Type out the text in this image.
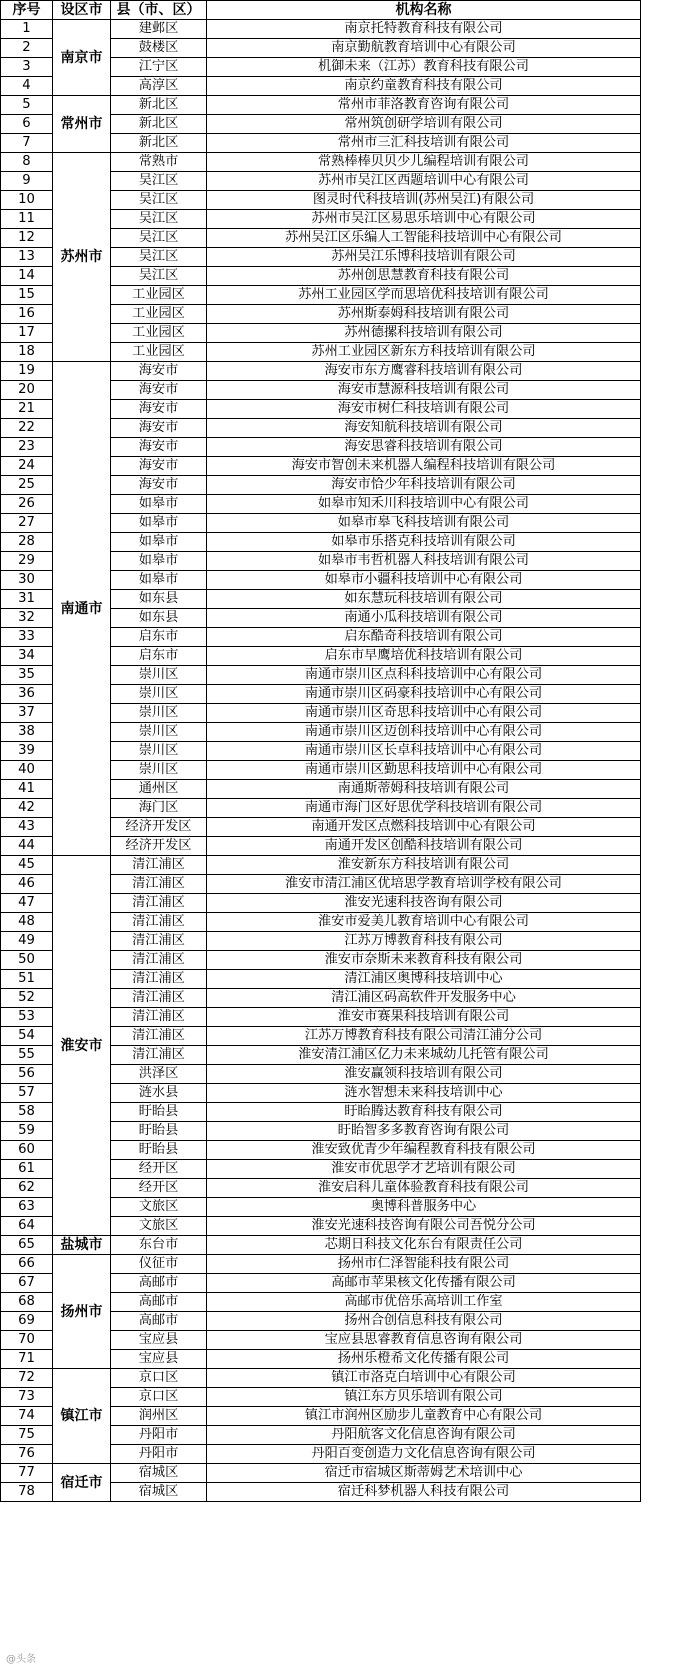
序号	设区市	县（市、区）	机构名称
1	南京市	建邺区	南京托特教育科技有限公司
2		鼓楼区	南京勤航教育培训中心有限公司
3		江宁区	机御未来（江苏）教育科技有限公司
4		高淳区	南京约童教育科技有限公司
5	常州市	新北区	常州市菲洛教育咨询有限公司
6		新北区	常州筑创研学培训有限公司
7		新北区	常州市三汇科技培训有限公司
8	苏州市	常熟市	常熟棒棒贝贝少儿编程培训有限公司
9		吴江区	苏州市吴江区西题培训中心有限公司
10		吴江区	图灵时代科技培训(苏州吴江)有限公司
11		吴江区	苏州市吴江区易思乐培训中心有限公司
12		吴江区	苏州吴江区乐编人工智能科技培训中心有限公司
13		吴江区	苏州吴江乐博科技培训有限公司
14		吴江区	苏州创思慧教育科技有限公司
15		工业园区	苏州工业园区学而思培优科技培训有限公司
16		工业园区	苏州斯泰姆科技培训有限公司
17		工业园区	苏州德摞科技培训有限公司
18		工业园区	苏州工业园区新东方科技培训有限公司
19	南通市	海安市	海安市东方鹰睿科技培训有限公司
20		海安市	海安市慧源科技培训有限公司
21		海安市	海安市树仁科技培训有限公司
22		海安市	海安知航科技培训有限公司
23		海安市	海安思睿科技培训有限公司
24		海安市	海安市智创未来机器人编程科技培训有限公司
25		海安市	海安市恰少年科技培训有限公司
26		如皋市	如皋市知禾川科技培训中心有限公司
27		如皋市	如皋市皋飞科技培训有限公司
28		如皋市	如皋市乐搭克科技培训有限公司
29		如皋市	如皋市韦哲机器人科技培训有限公司
30		如皋市	如皋市小疆科技培训中心有限公司
31		如东县	如东慧玩科技培训有限公司
32		如东县	南通小瓜科技培训有限公司
33		启东市	启东酷奇科技培训有限公司
34		启东市	启东市早鹰培优科技培训有限公司
35		崇川区	南通市崇川区点科科技培训中心有限公司
36		崇川区	南通市崇川区码豪科技培训中心有限公司
37		崇川区	南通市崇川区奇思科技培训中心有限公司
38		崇川区	南通市崇川区迈创科技培训中心有限公司
39		崇川区	南通市崇川区长卓科技培训中心有限公司
40		崇川区	南通市崇川区勤思科技培训中心有限公司
41		通州区	南通斯蒂姆科技培训有限公司
42		海门区	南通市海门区好思优学科技培训有限公司
43		经济开发区	南通开发区点燃科技培训中心有限公司
44		经济开发区	南通开发区创酷科技培训有限公司
45	淮安市	清江浦区	淮安新东方科技培训有限公司
46		清江浦区	淮安市清江浦区优培思学教育培训学校有限公司
47		清江浦区	淮安光速科技咨询有限公司
48		清江浦区	淮安市爱美儿教育培训中心有限公司
49		清江浦区	江苏万博教育科技有限公司
50		清江浦区	淮安市奈斯未来教育科技有限公司
51		清江浦区	清江浦区奥博科技培训中心
52		清江浦区	清江浦区码高软件开发服务中心
53		清江浦区	淮安市赛果科技培训有限公司
54		清江浦区	江苏万博教育科技有限公司清江浦分公司
55		清江浦区	淮安清江浦区亿力未来城幼儿托管有限公司
56		洪泽区	淮安赢领科技培训有限公司
57		涟水县	涟水智想未来科技培训中心
58		盱眙县	盱眙腾达教育科技有限公司
59		盱眙县	盱眙智多多教育咨询有限公司
60		盱眙县	淮安致优青少年编程教育科技有限公司
61		经开区	淮安市优思学才艺培训有限公司
62		经开区	淮安启科儿童体验教育科技有限公司
63		文旅区	奥博科普服务中心
64		文旅区	淮安光速科技咨询有限公司吾悦分公司
65	盐城市	东台市	芯期日科技文化东台有限责任公司
66	扬州市	仪征市	扬州市仁泽智能科技有限公司
67		高邮市	高邮市苹果核文化传播有限公司
68		高邮市	高邮市优倍乐高培训工作室
69		高邮市	扬州合创信息科技有限公司
70		宝应县	宝应县思睿教育信息咨询有限公司
71		宝应县	扬州乐橙希文化传播有限公司
72	镇江市	京口区	镇江市洛克白培训中心有限公司
73		京口区	镇江东方贝乐培训有限公司
74		润州区	镇江市润州区励步儿童教育中心有限公司
75		丹阳市	丹阳航客文化信息咨询有限公司
76		丹阳市	丹阳百变创造力文化信息咨询有限公司
77	宿迁市	宿城区	宿迁市宿城区斯蒂姆艺术培训中心
78		宿城区	宿迁科梦机器人科技有限公司
@头条
